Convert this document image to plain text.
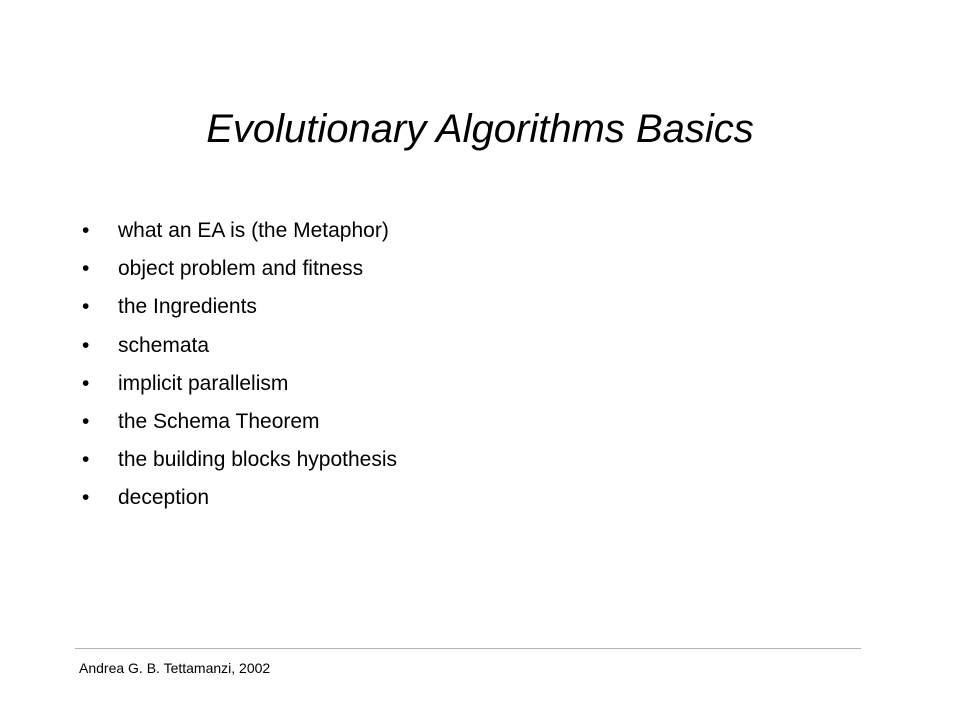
Evolutionary Algorithms Basics
•	what an EA is (the Metaphor)
•	object problem and fitness
•	the Ingredients
•	schemata
•	implicit parallelism
•	the Schema Theorem
•	the building blocks hypothesis
•	deception
Andrea G. B. Tettamanzi, 2002
